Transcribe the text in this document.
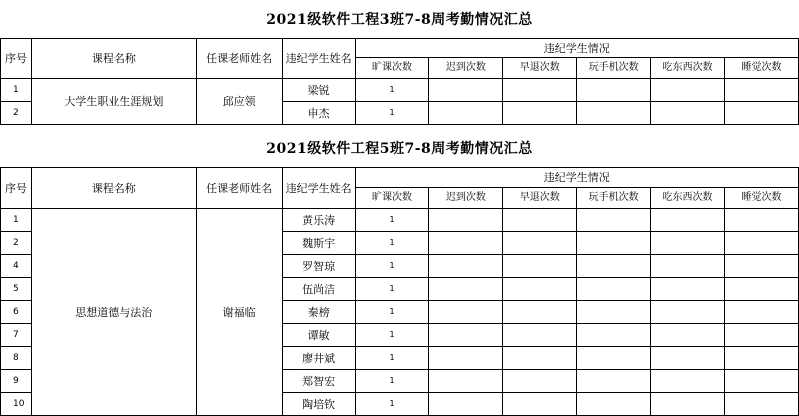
2021级软件工程3班7-8周考勤情况汇总
序号	课程名称	任课老师姓名	违纪学生姓名	违纪学生情况					
				旷课次数	迟到次数	早退次数	玩手机次数	吃东西次数	睡觉次数
1	大学生职业生涯规划	邱应领	梁锐	1					
2			申杰	1					
2021级软件工程5班7-8周考勤情况汇总
序号	课程名称	任课老师姓名	违纪学生姓名	违纪学生情况					
				旷课次数	迟到次数	早退次数	玩手机次数	吃东西次数	睡觉次数
1	思想道德与法治	谢福临	黄乐涛	1					
2			魏斯宇	1					
4			罗智琼	1					
5			伍尚洁	1					
6			秦榜	1					
7			谭敏	1					
8			廖井斌	1					
9			郑智宏	1					
10			陶培钦	1					
